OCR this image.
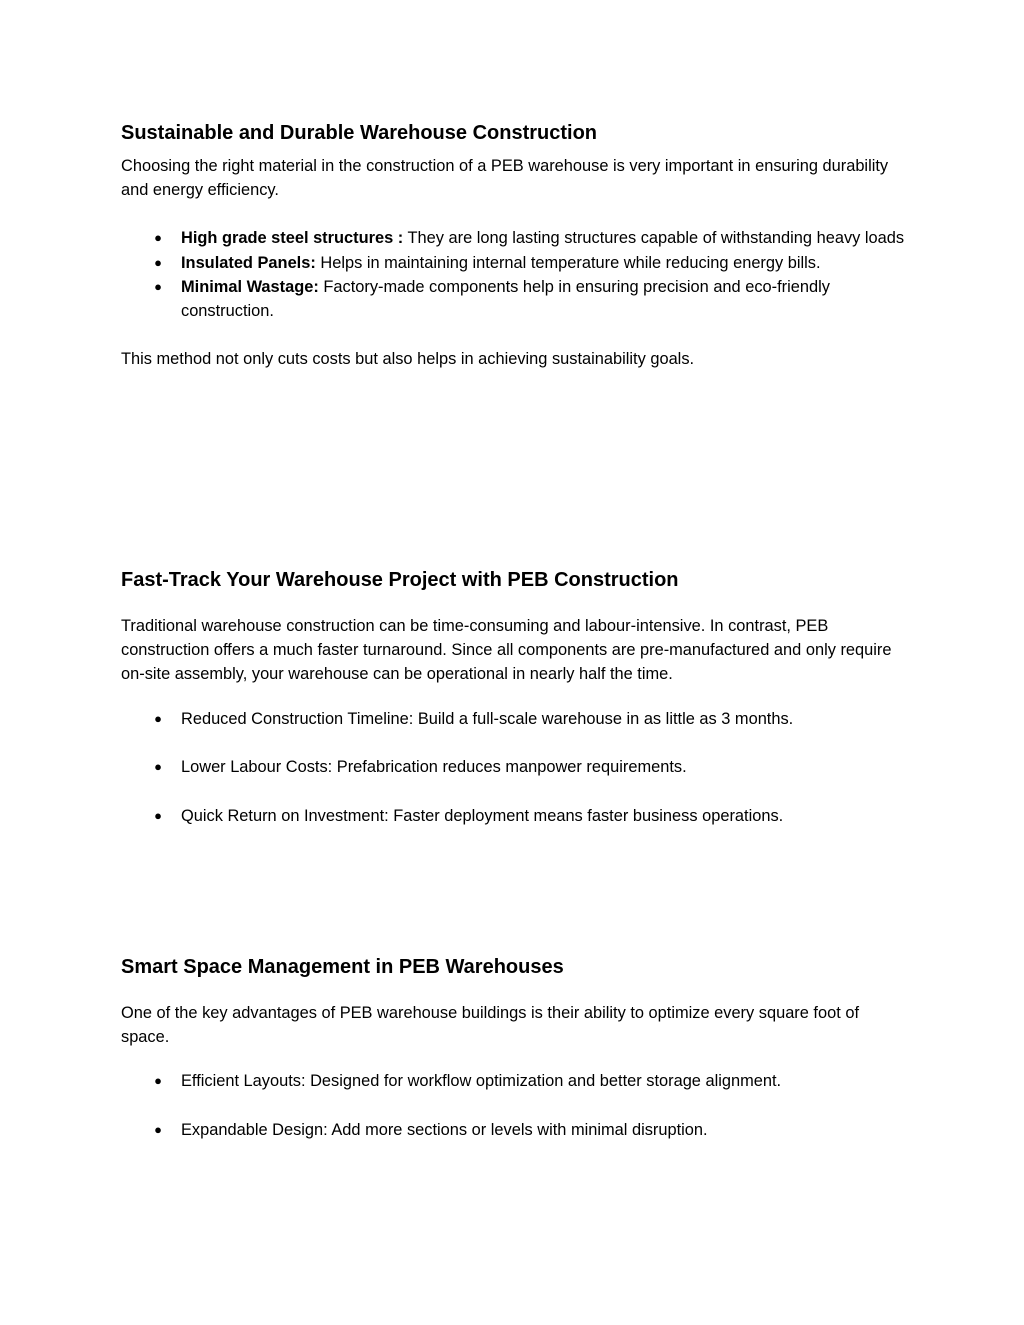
Sustainable and Durable Warehouse Construction

Choosing the right material in the construction of a PEB warehouse is very important in ensuring durability and energy efficiency.

● High grade steel structures : They are long lasting structures capable of withstanding heavy loads
● Insulated Panels: Helps in maintaining internal temperature while reducing energy bills.
● Minimal Wastage: Factory-made components help in ensuring precision and eco-friendly construction.

This method not only cuts costs but also helps in achieving sustainability goals.

Fast-Track Your Warehouse Project with PEB Construction

Traditional warehouse construction can be time-consuming and labour-intensive. In contrast, PEB construction offers a much faster turnaround. Since all components are pre-manufactured and only require on-site assembly, your warehouse can be operational in nearly half the time.

● Reduced Construction Timeline: Build a full-scale warehouse in as little as 3 months.
● Lower Labour Costs: Prefabrication reduces manpower requirements.
● Quick Return on Investment: Faster deployment means faster business operations.
Smart Space Management in PEB Warehouses

One of the key advantages of PEB warehouse buildings is their ability to optimize every square foot of space.

● Efficient Layouts: Designed for workflow optimization and better storage alignment.
● Expandable Design: Add more sections or levels with minimal disruption.
